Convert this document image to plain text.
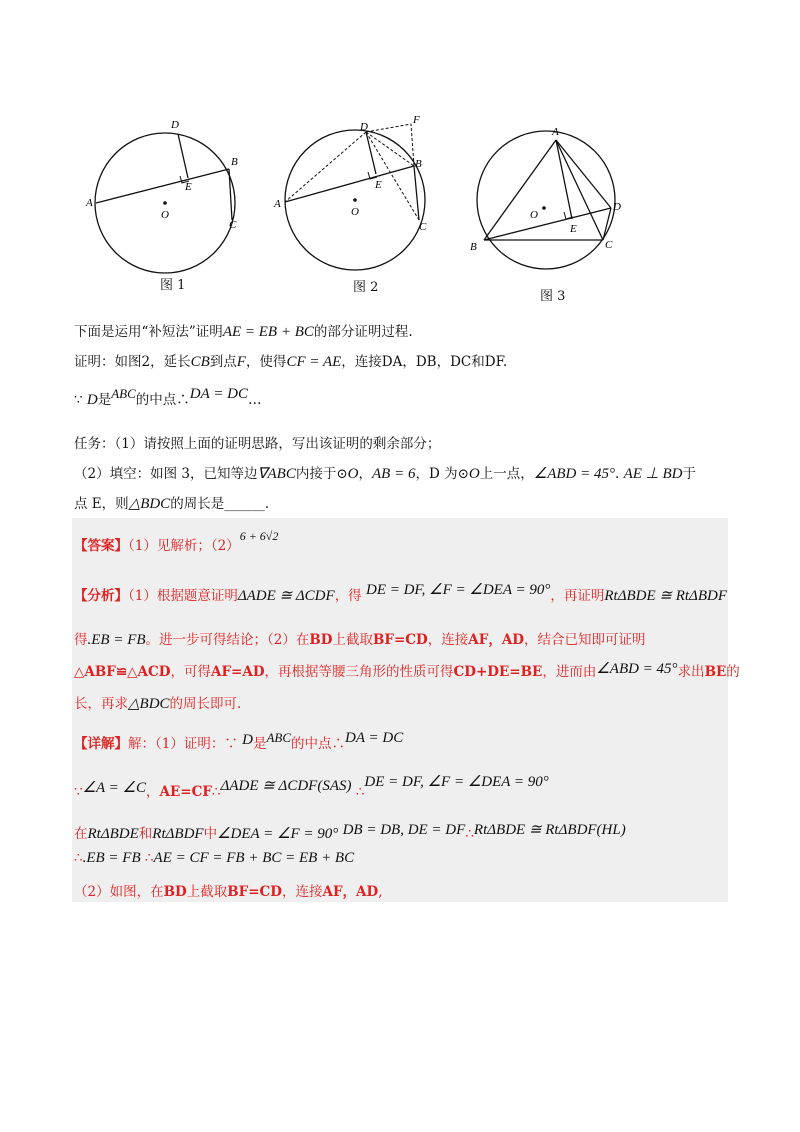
D
B
E
A
O
C
图 1
D
F
B
E
A
O
C
图 2
A
O
D
E
B	C
图 3
下面是运用“补短法”证明AE = EB + BC的部分证明过程.
证明：如图2，延长CB到点F，使得CF = AE，连接DA，DB，DC和DF.
∵ D是ABC的中点∴DA = DC…
任务：（1）请按照上面的证明思路，写出该证明的剩余部分；
（2）填空：如图 3，已知等边∇ABC内接于⊙O，AB = 6，D 为⊙O上一点，∠ABD = 45°. AE ⊥ BD于
点 E，则△BDC的周长是______.
【答案】（1）见解析；（2）6 + 6√2
【分析】（1）根据题意证明ΔADE ≅ ΔCDF，得 DE = DF, ∠F = ∠DEA = 90°，再证明RtΔBDE ≅ RtΔBDF
得.EB = FB。进一步可得结论；（2）在BD上截取BF=CD，连接AF，AD，结合已知即可证明
△ABF≌△ACD，可得AF=AD，再根据等腰三角形的性质可得CD+DE=BE，进而由∠ABD = 45°求出BE的
长，再求△BDC的周长即可.
【详解】解：（1）证明：∵ D是ABC的中点∴DA = DC
∵∠A = ∠C，AE=CF∴ΔADE ≅ ΔCDF(SAS) ∴DE = DF, ∠F = ∠DEA = 90°
在RtΔBDE和RtΔBDF中∠DEA = ∠F = 90° DB = DB, DE = DF∴RtΔBDE ≅ RtΔBDF(HL)
∴.EB = FB ∴AE = CF = FB + BC = EB + BC
（2）如图，在BD上截取BF=CD，连接AF，AD,
